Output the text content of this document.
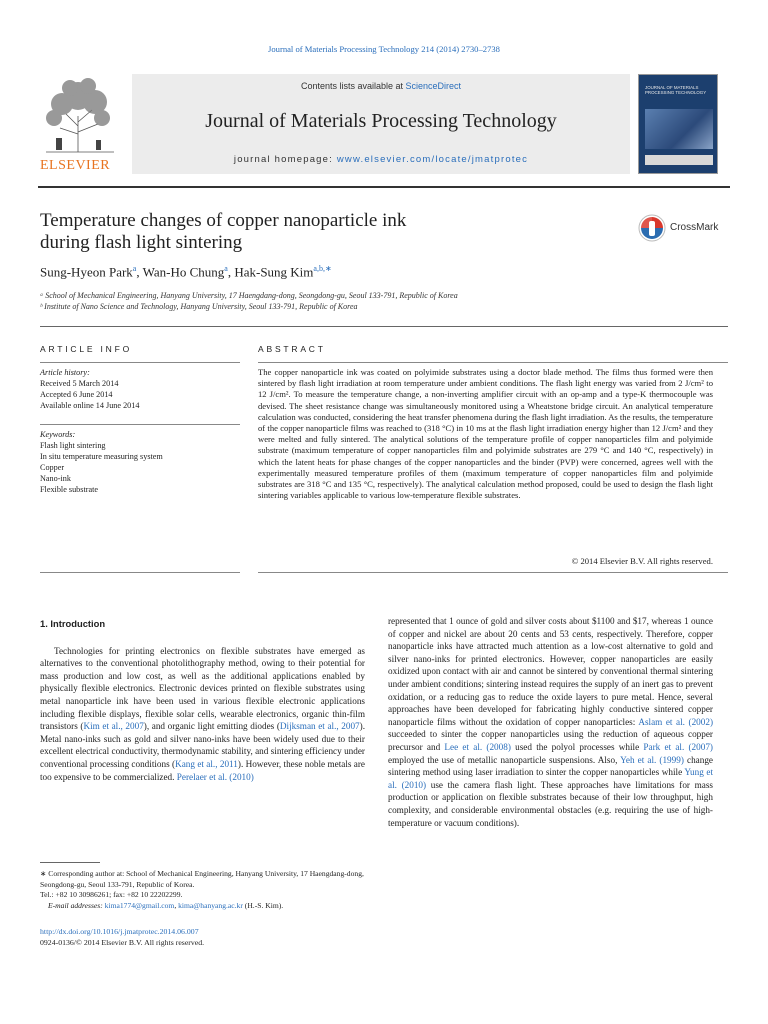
Journal of Materials Processing Technology 214 (2014) 2730–2738
ELSEVIER
Contents lists available at ScienceDirect
Journal of Materials Processing Technology
journal homepage: www.elsevier.com/locate/jmatprotec
JOURNAL OF MATERIALS PROCESSING TECHNOLOGY
Temperature changes of copper nanoparticle ink
during flash light sintering
CrossMark
Sung-Hyeon Park$^a$, Wan-Ho Chung$^a$, Hak-Sung Kim$^{a,b,∗}$
ᵃ School of Mechanical Engineering, Hanyang University, 17 Haengdang-dong, Seongdong-gu, Seoul 133-791, Republic of Korea
ᵇ Institute of Nano Science and Technology, Hanyang University, Seoul 133-791, Republic of Korea
ARTICLE INFO	ABSTRACT
Article history:
Received 5 March 2014
Accepted 6 June 2014
Available online 14 June 2014
Keywords:
Flash light sintering
In situ temperature measuring system
Copper
Nano-ink
Flexible substrate
The copper nanoparticle ink was coated on polyimide substrates using a doctor blade method. The films thus formed were then sintered by flash light irradiation at room temperature under ambient conditions. The flash light energy was varied from 2 J/cm² to 12 J/cm². To measure the temperature change, a non-inverting amplifier circuit with an op-amp and a type-K thermocouple was devised. The sheet resistance change was simultaneously monitored using a Wheatstone bridge circuit. An analytical temperature calculation was conducted, considering the heat transfer phenomena during the flash light irradiation. As the results, the temperature of the copper nanoparticle films was reached to (318 °C) in 10 ms at the flash light irradiation energy higher than 12 J/cm² and they were melted and fully sintered. The analytical solutions of the temperature profile of copper nanoparticles film and polyimide substrate (maximum temperature of copper nanoparticles film and polyimide substrates are 279 °C and 140 °C, respectively) in which the latent heats for phase changes of the copper nanoparticles and the binder (PVP) were concerned, agrees well with the experimentally measured temperature profiles of them (maximum temperature of copper nanoparticles film and polyimide substrates are 318 °C and 135 °C, respectively). The analytical calculation method proposed, could be used to design the flash light sintering variables applicable to various low-temperature flexible substrates.
© 2014 Elsevier B.V. All rights reserved.
1. Introduction
Technologies for printing electronics on flexible substrates have emerged as alternatives to the conventional photolithography method, owing to their potential for mass production and low cost, as well as the additional applications enabled by physically flexible electronics. Electronic devices printed on flexible substrates using metal nanoparticle ink have been used in various flexible electronic applications including flexible displays, flexible solar cells, wearable electronics, organic thin-film transistors (Kim et al., 2007), and organic light emitting diodes (Dijksman et al., 2007). Metal nano-inks such as gold and silver nano-inks have been widely used due to their excellent electrical conductivity, thermodynamic stability, and sintering efficiency under conventional processing conditions (Kang et al., 2011). However, these noble metals are too expensive to be commercialized. Perelaer et al. (2010)
represented that 1 ounce of gold and silver costs about $1100 and $17, whereas 1 ounce of copper and nickel are about 20 cents and 53 cents, respectively. Therefore, copper nanoparticle inks have attracted much attention as a low-cost alternative to gold and silver nano-inks for printed electronics. However, copper nanoparticles are easily oxidized upon contact with air and cannot be sintered by conventional thermal sintering under ambient conditions; sintering instead requires the supply of an inert gas to prevent oxidation, or a reducing gas to reduce the oxide layers to pure metal. Hence, several approaches have been developed for fabricating highly conductive sintered copper nanoparticle films without the oxidation of copper nanoparticles: Aslam et al. (2002) succeeded to sinter the copper nanoparticles using the reduction of aqueous copper precursor and Lee et al. (2008) used the polyol processes while Park et al. (2007) employed the use of metallic nanoparticle suspensions. Also, Yeh et al. (1999) change sintering method using laser irradiation to sinter the copper nanoparticles while Yung et al. (2010) use the camera flash light. These approaches have limitations for mass production or application on flexible substrates because of their low throughput, high complexity, and considerable environmental obstacles (e.g. requiring the use of high-temperature or vacuum conditions).
∗ Corresponding author at: School of Mechanical Engineering, Hanyang University, 17 Haengdang-dong, Seongdong-gu, Seoul 133-791, Republic of Korea.
Tel.: +82 10 30986261; fax: +82 10 22202299.
E-mail addresses: kima1774@gmail.com, kima@hanyang.ac.kr (H.-S. Kim).
http://dx.doi.org/10.1016/j.jmatprotec.2014.06.007
0924-0136/© 2014 Elsevier B.V. All rights reserved.
